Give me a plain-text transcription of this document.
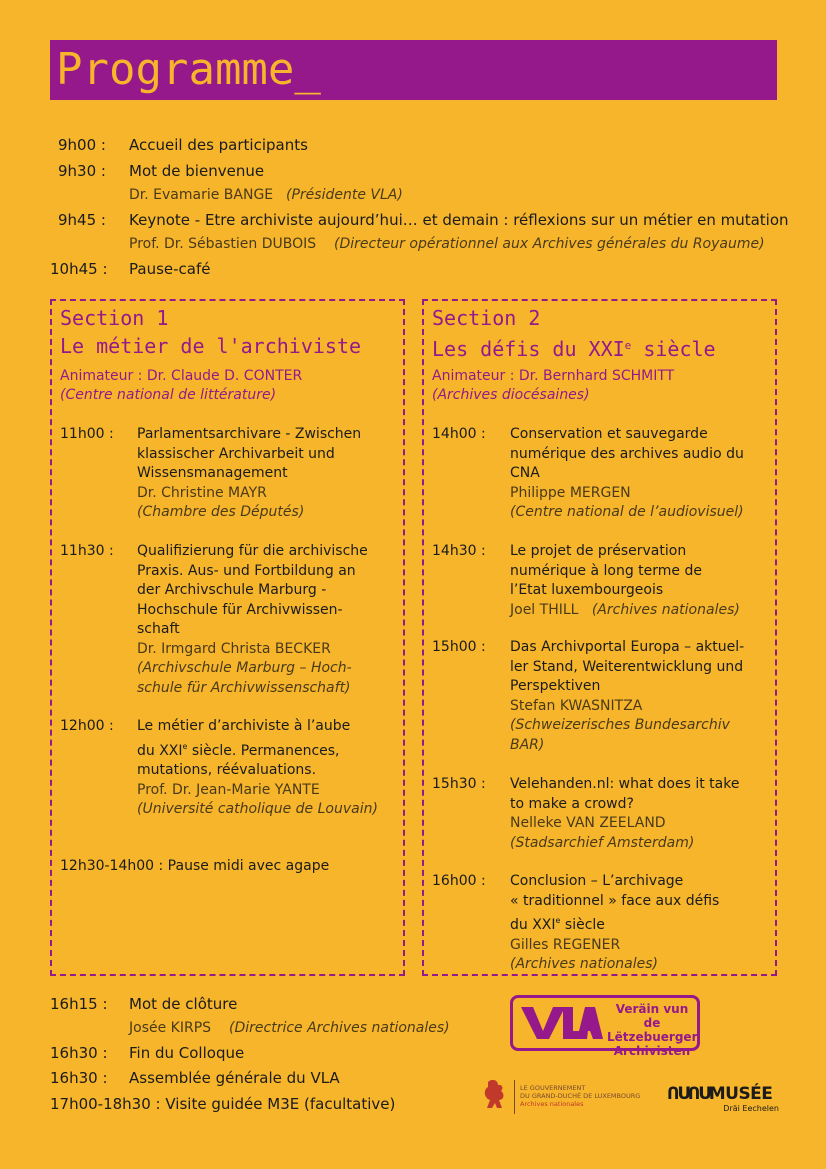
Programme_
9h00 : Accueil des participants
9h30 : Mot de bienvenue
Dr. Evamarie BANGE (Présidente VLA)
9h45 : Keynote - Etre archiviste aujourd’hui… et demain : réflexions sur un métier en mutation
Prof. Dr. Sébastien DUBOIS (Directeur opérationnel aux Archives générales du Royaume)
10h45 : Pause-café
Section 1
Le métier de l'archiviste
Animateur : Dr. Claude D. CONTER
(Centre national de littérature)
11h00 : Parlamentsarchivare - Zwischen
klassischer Archivarbeit und
Wissensmanagement
Dr. Christine MAYR
(Chambre des Députés)
11h30 : Qualifizierung für die archivische
Praxis. Aus- und Fortbildung an
der Archivschule Marburg -
Hochschule für Archivwissen-
schaft
Dr. Irmgard Christa BECKER
(Archivschule Marburg – Hoch-
schule für Archivwissenschaft)
12h00 : Le métier d’archiviste à l’aube
du XXIe siècle. Permanences,
mutations, réévaluations.
Prof. Dr. Jean-Marie YANTE
(Université catholique de Louvain)
12h30-14h00 : Pause midi avec agape
Section 2
Les défis du XXIe siècle
Animateur : Dr. Bernhard SCHMITT
(Archives diocésaines)
14h00 : Conservation et sauvegarde
numérique des archives audio du
CNA
Philippe MERGEN
(Centre national de l’audiovisuel)
14h30 : Le projet de préservation
numérique à long terme de
l’Etat luxembourgeois
Joel THILL (Archives nationales)
15h00 : Das Archivportal Europa – aktuel-
ler Stand, Weiterentwicklung und
Perspektiven
Stefan KWASNITZA
(Schweizerisches Bundesarchiv
BAR)
15h30 : Velehanden.nl: what does it take
to make a crowd?
Nelleke VAN ZEELAND
(Stadsarchief Amsterdam)
16h00 : Conclusion – L’archivage
« traditionnel » face aux défis
du XXIe siècle
Gilles REGENER
(Archives nationales)
16h15 : Mot de clôture
Josée KIRPS (Directrice Archives nationales)
16h30 : Fin du Colloque
16h30 : Assemblée générale du VLA
17h00-18h30 : Visite guidée M3E (facultative)
Veräin vun de
Lëtzebuerger
Archivisten
LE GOUVERNEMENT
DU GRAND-DUCHÉ DE LUXEMBOURG
Archives nationales	ՈՍՈՍMUSÉE
Dräi Eechelen
